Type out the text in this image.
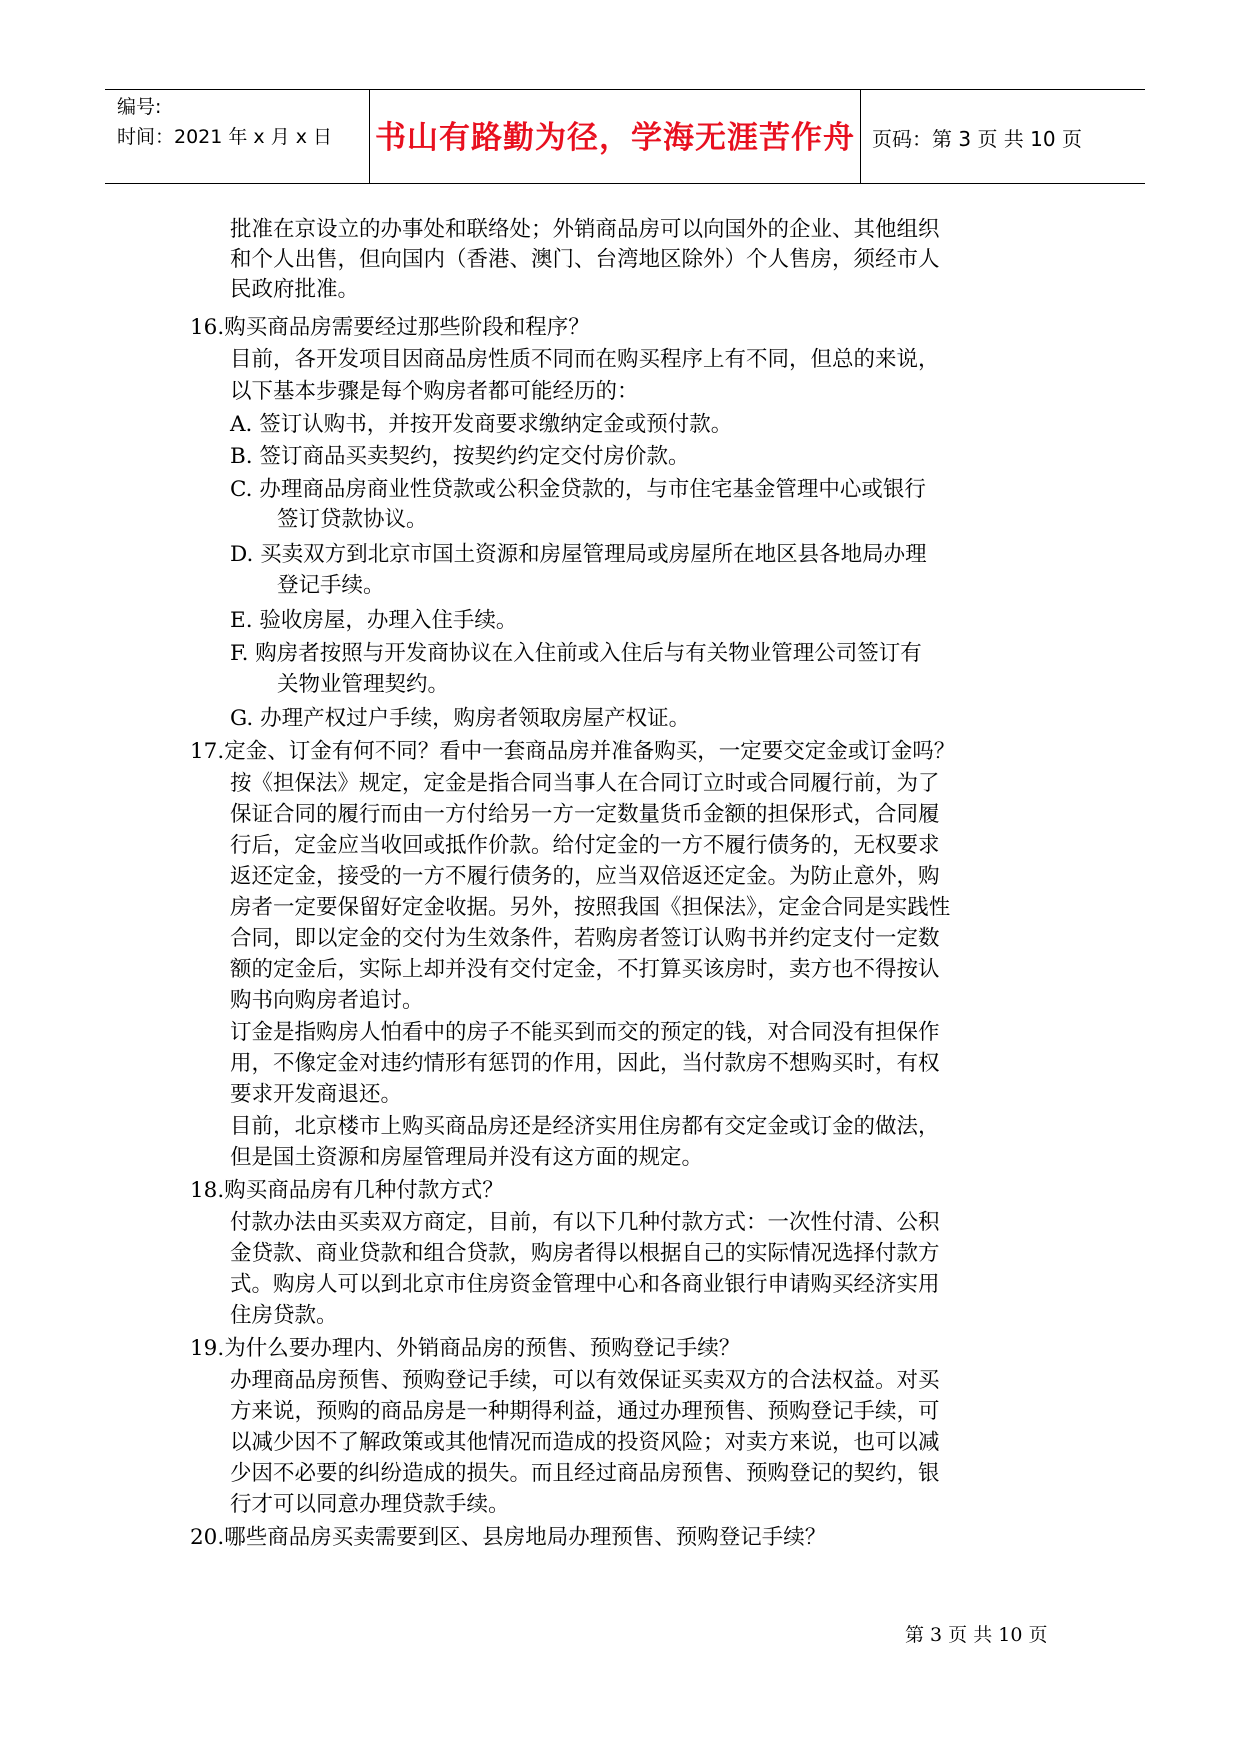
编号:
时间：2021 年 x 月 x 日	书山有路勤为径，学海无涯苦作舟 页码：第 3 页 共 10 页
批准在京设立的办事处和联络处；外销商品房可以向国外的企业、其他组织
和个人出售，但向国内（香港、澳门、台湾地区除外）个人售房，须经市人
民政府批准。
16.购买商品房需要经过那些阶段和程序？
目前，各开发项目因商品房性质不同而在购买程序上有不同，但总的来说，
以下基本步骤是每个购房者都可能经历的：
A. 签订认购书，并按开发商要求缴纳定金或预付款。
B. 签订商品买卖契约，按契约约定交付房价款。
C. 办理商品房商业性贷款或公积金贷款的，与市住宅基金管理中心或银行
签订贷款协议。
D. 买卖双方到北京市国土资源和房屋管理局或房屋所在地区县各地局办理
登记手续。
E. 验收房屋，办理入住手续。
F. 购房者按照与开发商协议在入住前或入住后与有关物业管理公司签订有
关物业管理契约。
G. 办理产权过户手续，购房者领取房屋产权证。
17.定金、订金有何不同？看中一套商品房并准备购买，一定要交定金或订金吗？
按《担保法》规定，定金是指合同当事人在合同订立时或合同履行前，为了
保证合同的履行而由一方付给另一方一定数量货币金额的担保形式，合同履
行后，定金应当收回或抵作价款。给付定金的一方不履行债务的，无权要求
返还定金，接受的一方不履行债务的，应当双倍返还定金。为防止意外，购
房者一定要保留好定金收据。另外，按照我国《担保法》，定金合同是实践性
合同，即以定金的交付为生效条件，若购房者签订认购书并约定支付一定数
额的定金后，实际上却并没有交付定金，不打算买该房时，卖方也不得按认
购书向购房者追讨。
订金是指购房人怕看中的房子不能买到而交的预定的钱，对合同没有担保作
用，不像定金对违约情形有惩罚的作用，因此，当付款房不想购买时，有权
要求开发商退还。
目前，北京楼市上购买商品房还是经济实用住房都有交定金或订金的做法，
但是国土资源和房屋管理局并没有这方面的规定。
18.购买商品房有几种付款方式？
付款办法由买卖双方商定，目前，有以下几种付款方式：一次性付清、公积
金贷款、商业贷款和组合贷款，购房者得以根据自己的实际情况选择付款方
式。购房人可以到北京市住房资金管理中心和各商业银行申请购买经济实用
住房贷款。
19.为什么要办理内、外销商品房的预售、预购登记手续？
办理商品房预售、预购登记手续，可以有效保证买卖双方的合法权益。对买
方来说，预购的商品房是一种期得利益，通过办理预售、预购登记手续，可
以减少因不了解政策或其他情况而造成的投资风险；对卖方来说，也可以减
少因不必要的纠纷造成的损失。而且经过商品房预售、预购登记的契约，银
行才可以同意办理贷款手续。
20.哪些商品房买卖需要到区、县房地局办理预售、预购登记手续？
第 3 页 共 10 页
